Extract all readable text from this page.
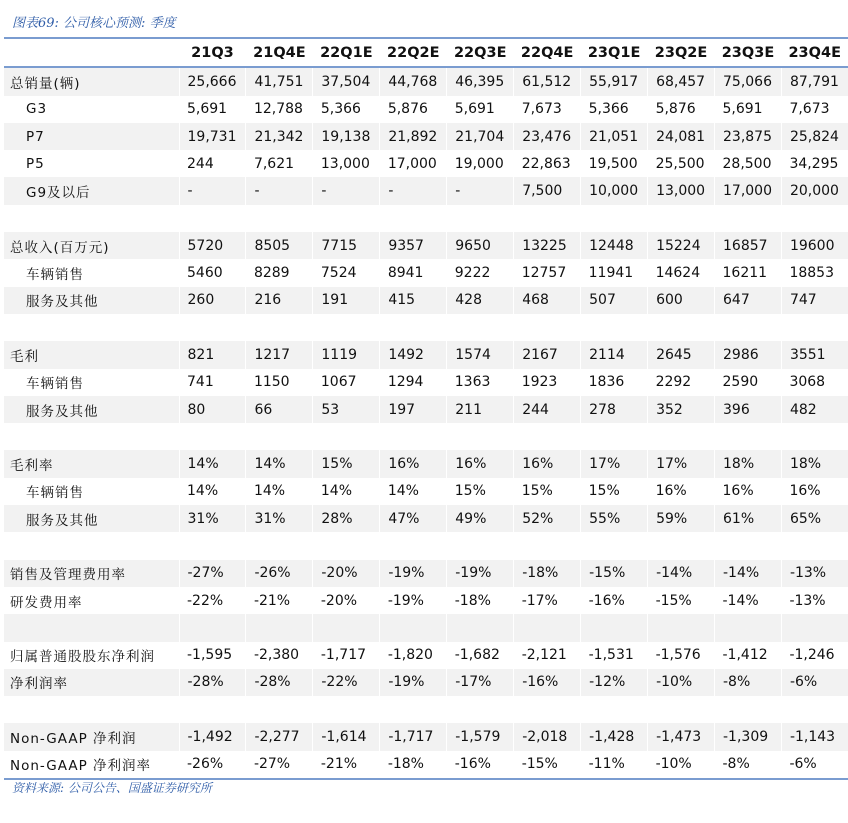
图表69: 公司核心预测: 季度
	21Q3	21Q4E	22Q1E	22Q2E	22Q3E	22Q4E	23Q1E	23Q2E	23Q3E	23Q4E
总销量(辆)	25,666	41,751	37,504	44,768	46,395	61,512	55,917	68,457	75,066	87,791
G3	5,691	12,788	5,366	5,876	5,691	7,673	5,366	5,876	5,691	7,673
P7	19,731	21,342	19,138	21,892	21,704	23,476	21,051	24,081	23,875	25,824
P5	244	7,621	13,000	17,000	19,000	22,863	19,500	25,500	28,500	34,295
G9及以后	-	-	-	-	-	7,500	10,000	13,000	17,000	20,000

总收入(百万元)	5720	8505	7715	9357	9650	13225	12448	15224	16857	19600
车辆销售	5460	8289	7524	8941	9222	12757	11941	14624	16211	18853
服务及其他	260	216	191	415	428	468	507	600	647	747

毛利	821	1217	1119	1492	1574	2167	2114	2645	2986	3551
车辆销售	741	1150	1067	1294	1363	1923	1836	2292	2590	3068
服务及其他	80	66	53	197	211	244	278	352	396	482

毛利率	14%	14%	15%	16%	16%	16%	17%	17%	18%	18%
车辆销售	14%	14%	14%	14%	15%	15%	15%	16%	16%	16%
服务及其他	31%	31%	28%	47%	49%	52%	55%	59%	61%	65%

销售及管理费用率	-27%	-26%	-20%	-19%	-19%	-18%	-15%	-14%	-14%	-13%
研发费用率	-22%	-21%	-20%	-19%	-18%	-17%	-16%	-15%	-14%	-13%

归属普通股股东净利润	-1,595	-2,380	-1,717	-1,820	-1,682	-2,121	-1,531	-1,576	-1,412	-1,246
净利润率	-28%	-28%	-22%	-19%	-17%	-16%	-12%	-10%	-8%	-6%

Non-GAAP 净利润	-1,492	-2,277	-1,614	-1,717	-1,579	-2,018	-1,428	-1,473	-1,309	-1,143
Non-GAAP 净利润率	-26%	-27%	-21%	-18%	-16%	-15%	-11%	-10%	-8%	-6%
资料来源: 公司公告、国盛证券研究所
